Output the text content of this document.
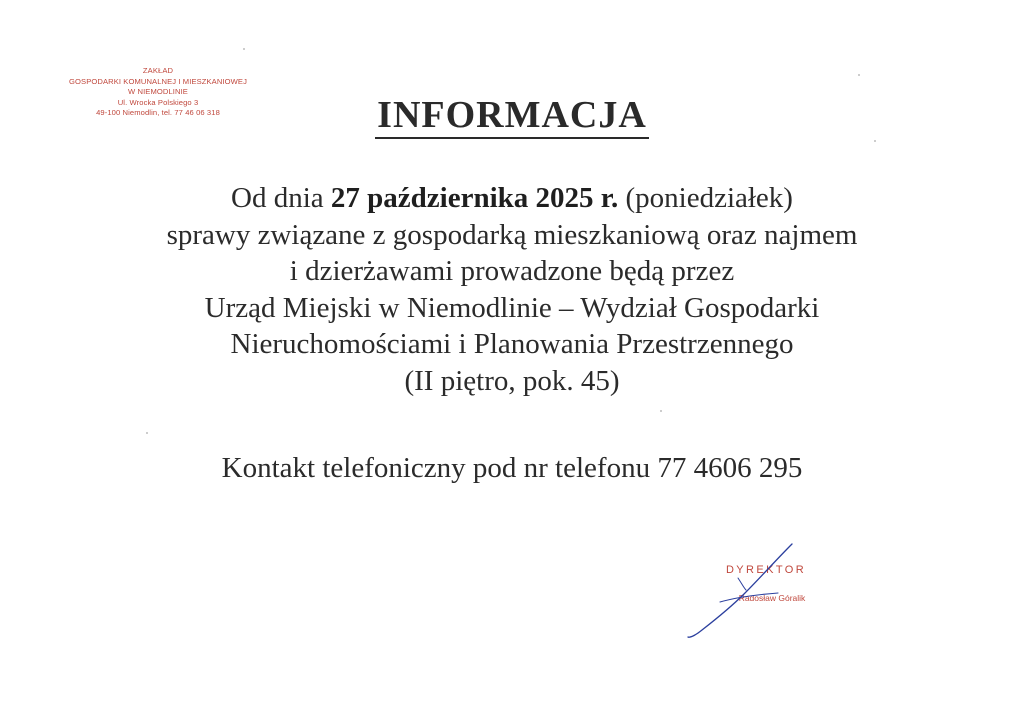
ZAKŁAD
GOSPODARKI KOMUNALNEJ I MIESZKANIOWEJ
W NIEMODLINIE
Ul. Wrocka Polskiego 3
49-100 Niemodlin, tel. 77 46 06 318	INFORMACJA
Od dnia 27 października 2025 r. (poniedziałek)
sprawy związane z gospodarką mieszkaniową oraz najmem
i dzierżawami prowadzone będą przez
Urząd Miejski w Niemodlinie – Wydział Gospodarki
Nieruchomościami i Planowania Przestrzennego
(II piętro, pok. 45)
Kontakt telefoniczny pod nr telefonu 77 4606 295
DYREKTOR
Radosław Góralik
